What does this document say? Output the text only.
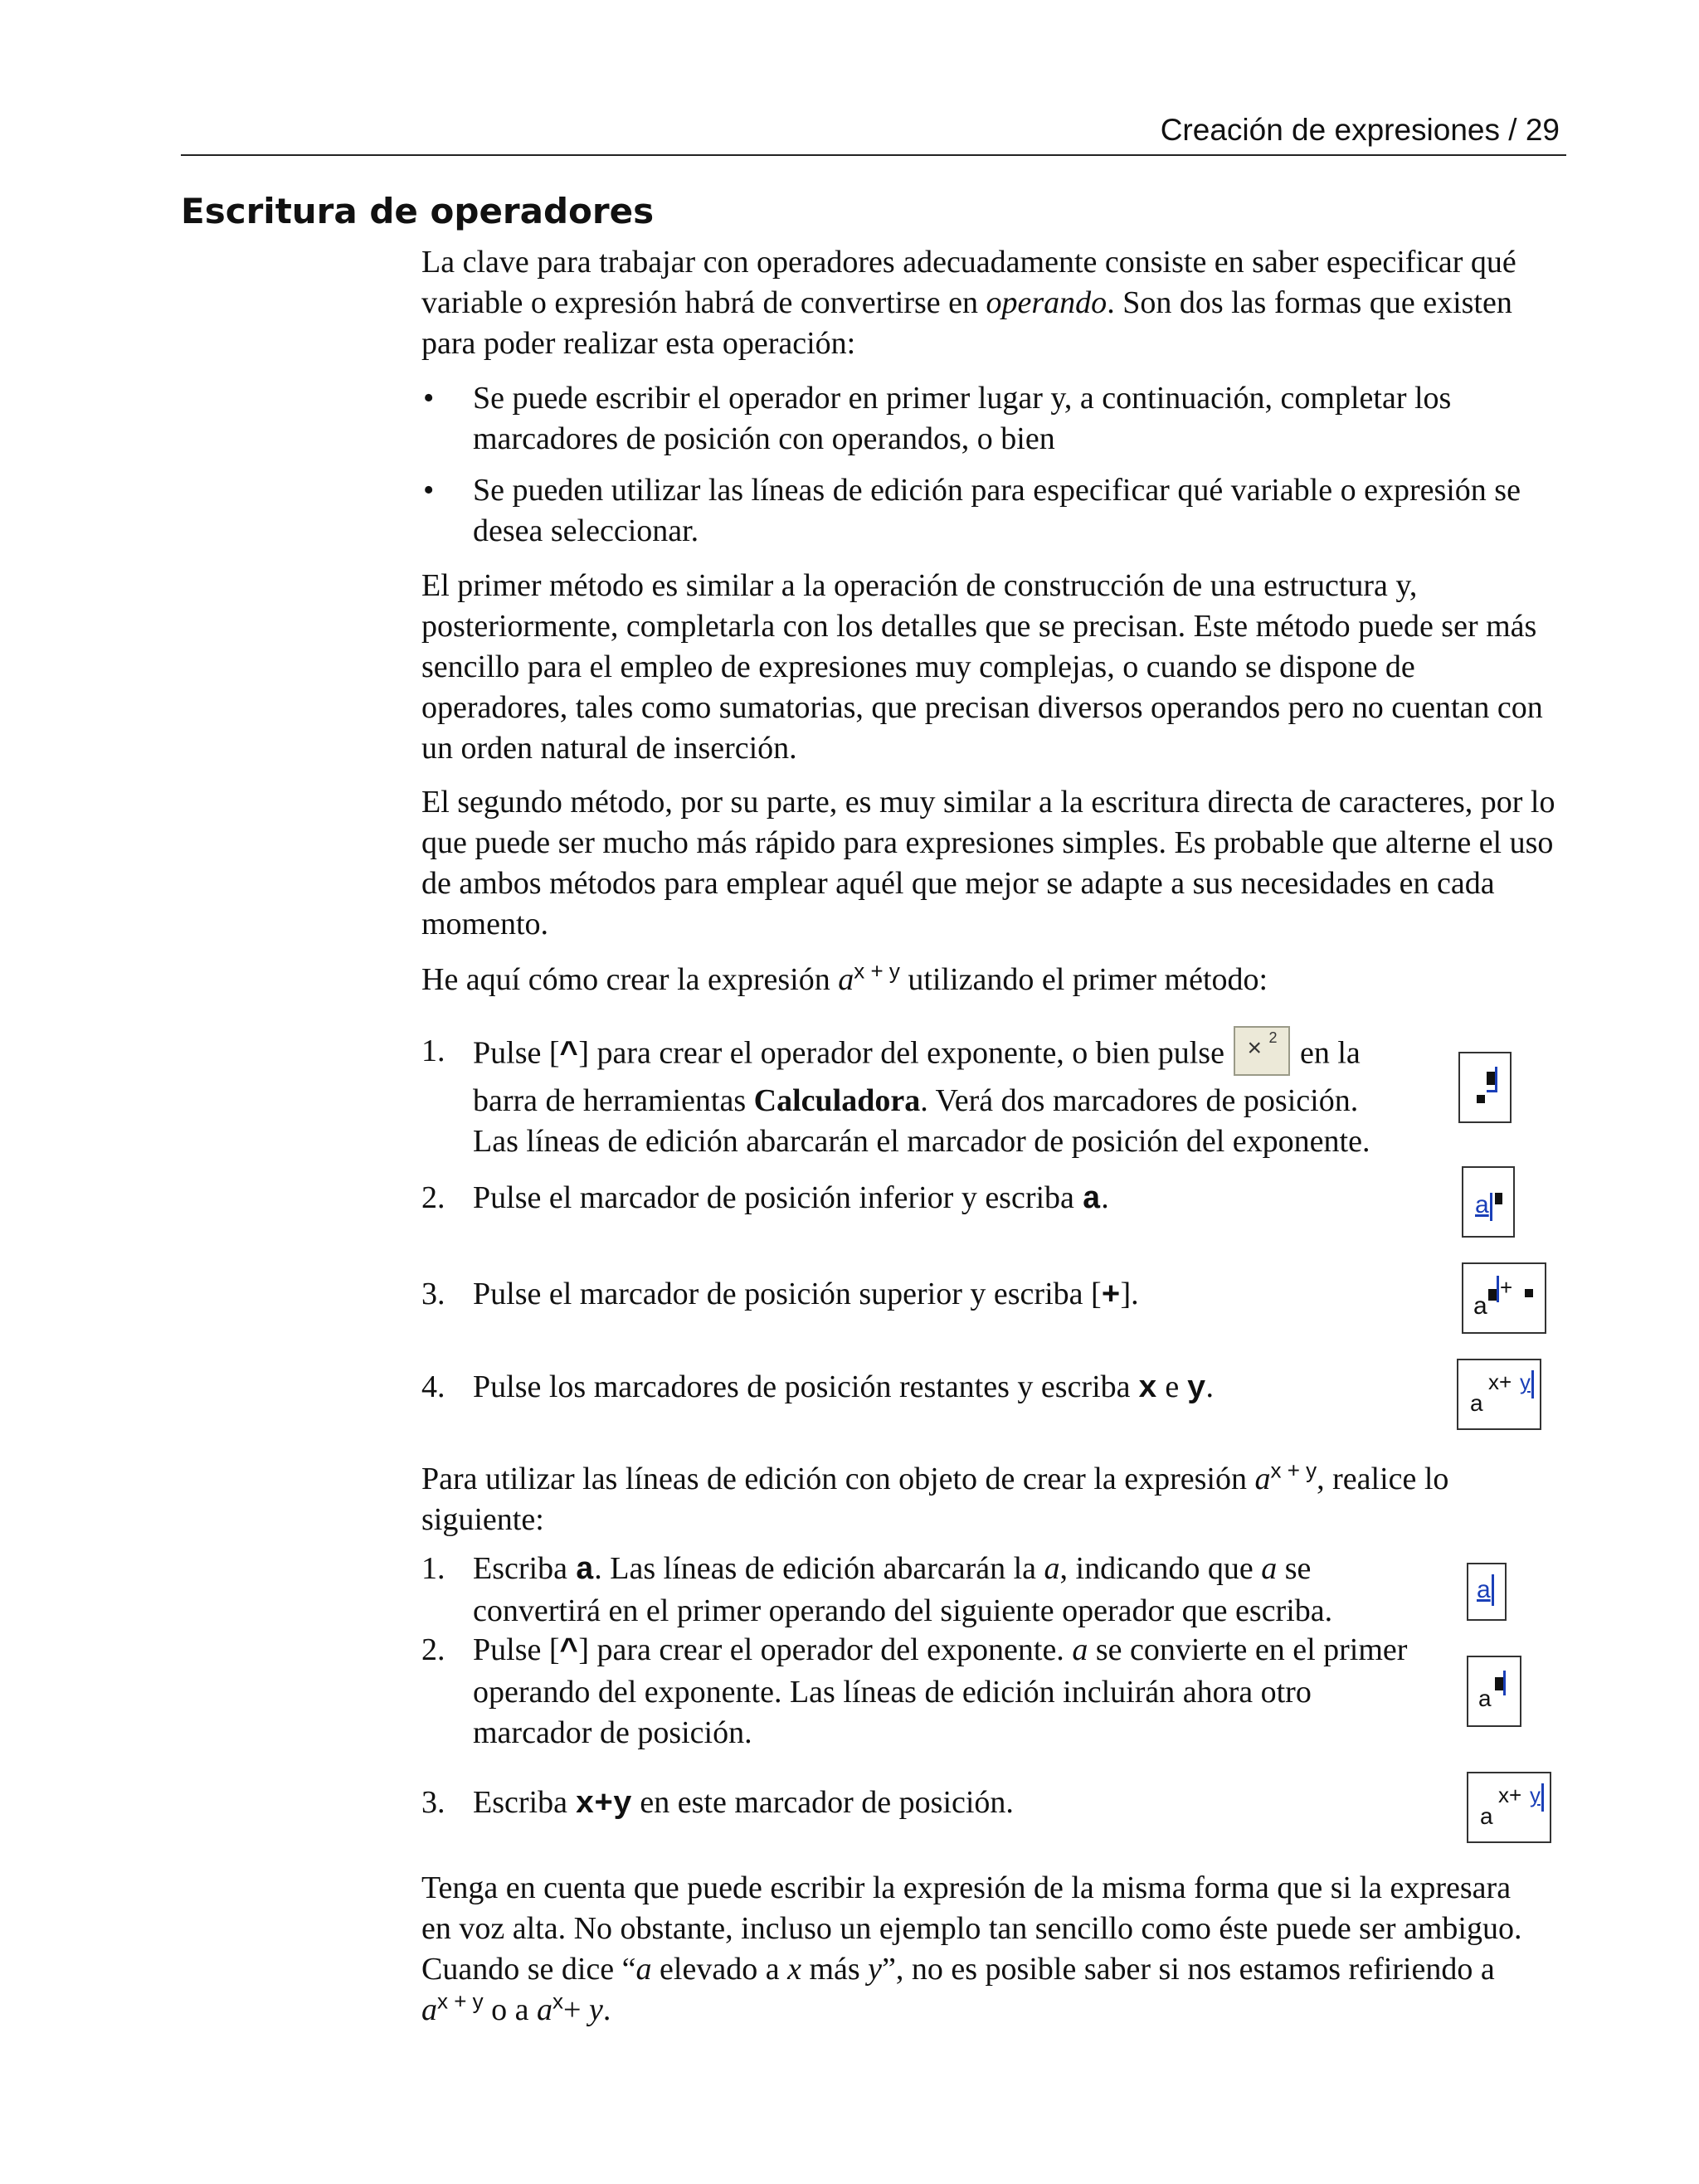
Creación de expresiones / 29
Escritura de operadores

La clave para trabajar con operadores adecuadamente consiste en saber especificar qué variable o expresión habrá de convertirse en operando. Son dos las formas que existen para poder realizar esta operación:

• Se puede escribir el operador en primer lugar y, a continuación, completar los marcadores de posición con operandos, o bien
• Se pueden utilizar las líneas de edición para especificar qué variable o expresión se desea seleccionar.
El primer método es similar a la operación de construcción de una estructura y, posteriormente, completarla con los detalles que se precisan. Este método puede ser más sencillo para el empleo de expresiones muy complejas, o cuando se dispone de operadores, tales como sumatorias, que precisan diversos operandos pero no cuentan con un orden natural de inserción.
El segundo método, por su parte, es muy similar a la escritura directa de caracteres, por lo que puede ser mucho más rápido para expresiones simples. Es probable que alterne el uso de ambos métodos para emplear aquél que mejor se adapte a sus necesidades en cada momento.
He aquí cómo crear la expresión $a^{x + y}$ utilizando el primer método:
1. Pulse [^] para crear el operador del exponente, o bien pulse × 2 en la
barra de herramientas Calculadora. Verá dos marcadores de posición.
Las líneas de edición abarcarán el marcador de posición del exponente.
2. Pulse el marcador de posición inferior y escriba a.
3. Pulse el marcador de posición superior y escriba [+].
4. Pulse los marcadores de posición restantes y escriba x e y.
a
a
+
a
x+ y
Para utilizar las líneas de edición con objeto de crear la expresión $a^{x + y}$, realice lo
siguiente:
1. Escriba a. Las líneas de edición abarcarán la a, indicando que a se
convertirá en el primer operando del siguiente operador que escriba.
2. Pulse [^] para crear el operador del exponente. a se convierte en el primer
operando del exponente. Las líneas de edición incluirán ahora otro
marcador de posición.
3. Escriba x+y en este marcador de posición.
a
a
a
x+ y
Tenga en cuenta que puede escribir la expresión de la misma forma que si la expresara
en voz alta. No obstante, incluso un ejemplo tan sencillo como éste puede ser ambiguo.
Cuando se dice “a elevado a x más y”, no es posible saber si nos estamos refiriendo a
$a^{x + y}$ o a $a^x+ y$.
